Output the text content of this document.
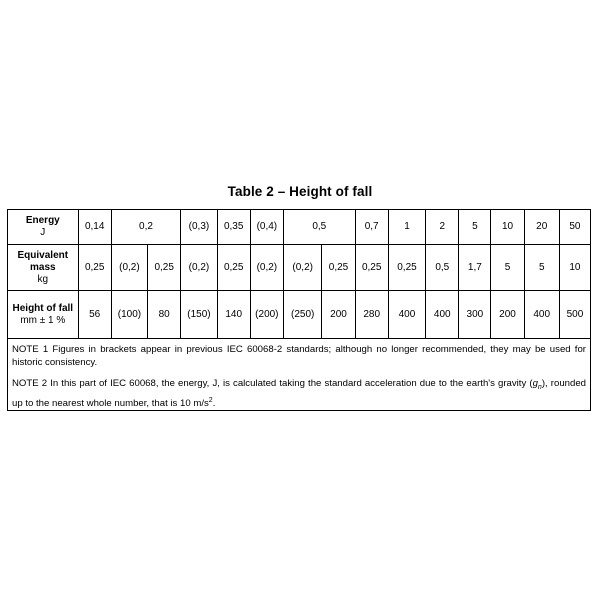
Table 2 – Height of fall
Energy
J	0,14	0,2		(0,3)	0,35	(0,4)	0,5		0,7	1	2	5	10	20	50

Equivalent mass
kg	0,25	(0,2)	0,25	(0,2)	0,25	(0,2)	(0,2)	0,25	0,25	0,25	0,5	1,7	5	5	10

Height of fall
mm ± 1 %	56	(100)	80	(150)	140	(200)	(250)	200	280	400	400	300	200	400	500

NOTE 1 Figures in brackets appear in previous IEC 60068-2 standards; although no longer recommended, they may be used for historic consistency.

NOTE 2 In this part of IEC 60068, the energy, J, is calculated taking the standard acceleration due to the earth's gravity $(g_n)$, rounded up to the nearest whole number, that is 10 $m/s^2$.
